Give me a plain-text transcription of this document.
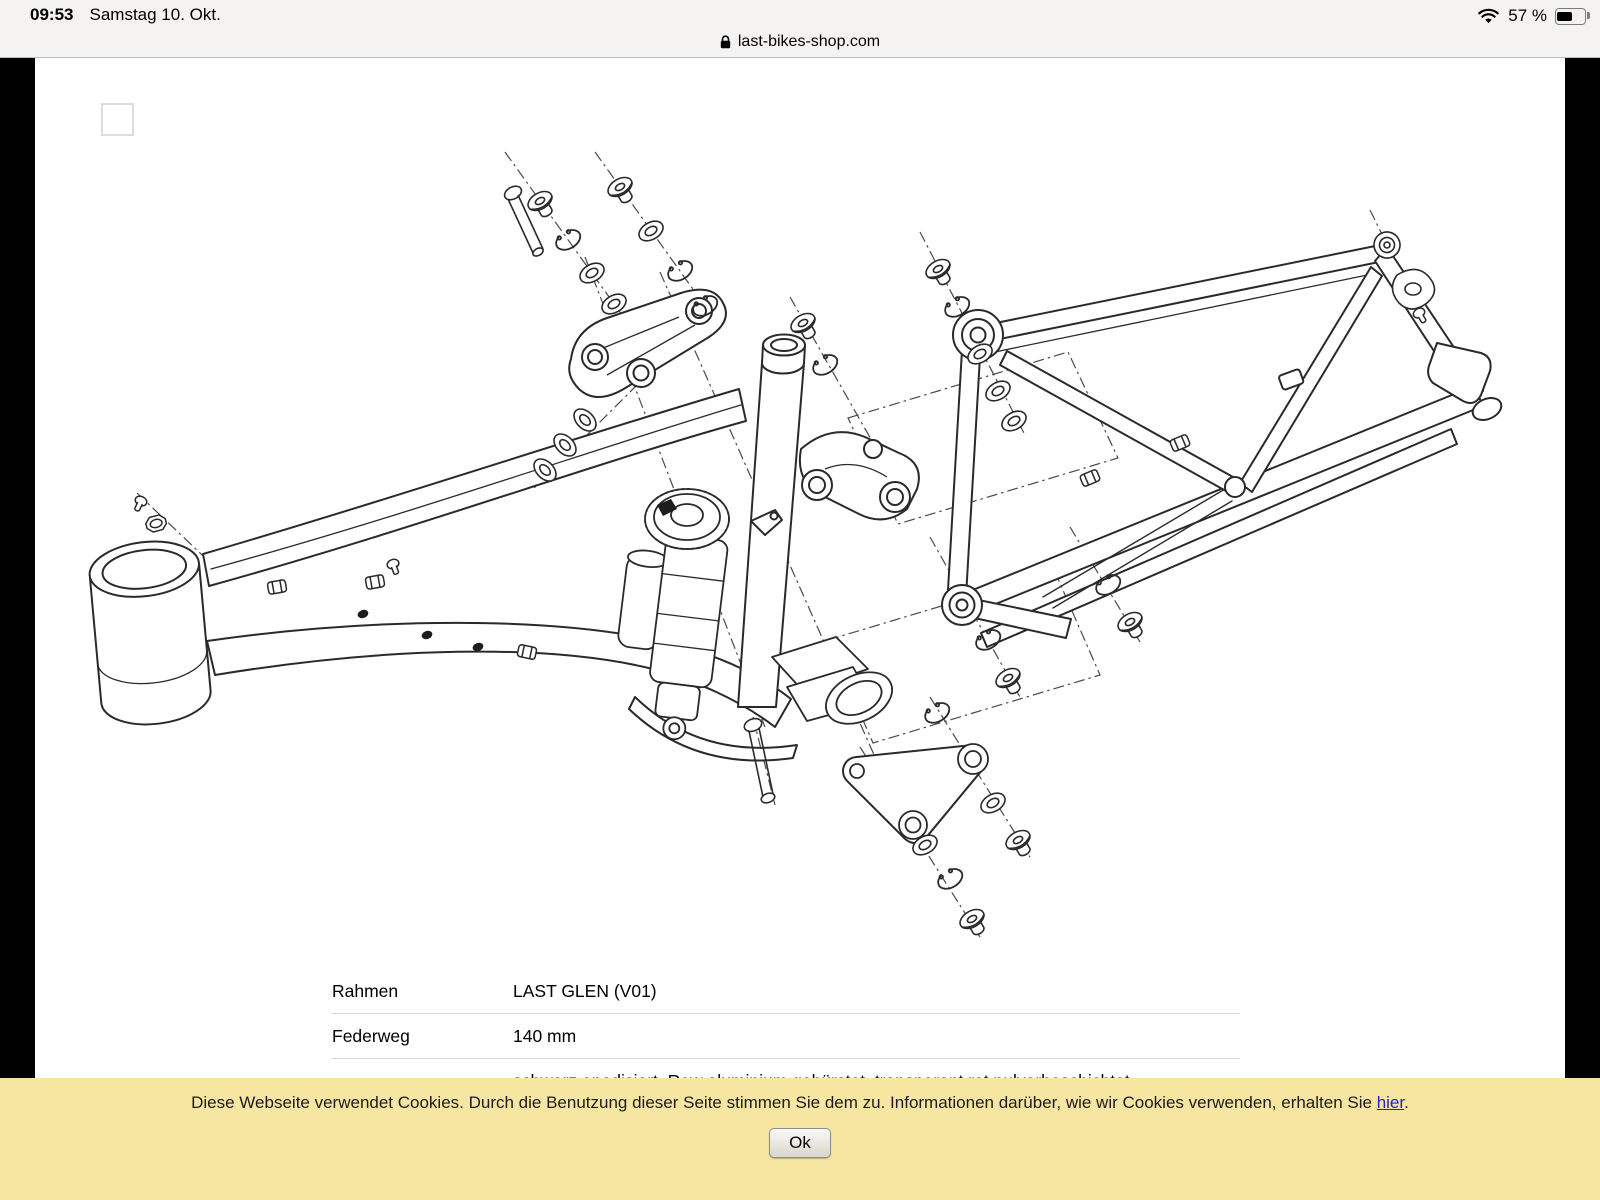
09:53 Samstag 10. Okt.	57 %
last-bikes-shop.com
Rahmen	LAST GLEN (V01)
Federweg	140 mm
Diese Webseite verwendet Cookies. Durch die Benutzung dieser Seite stimmen Sie dem zu. Informationen darüber, wie wir Cookies verwenden, erhalten Sie hier.
Ok
